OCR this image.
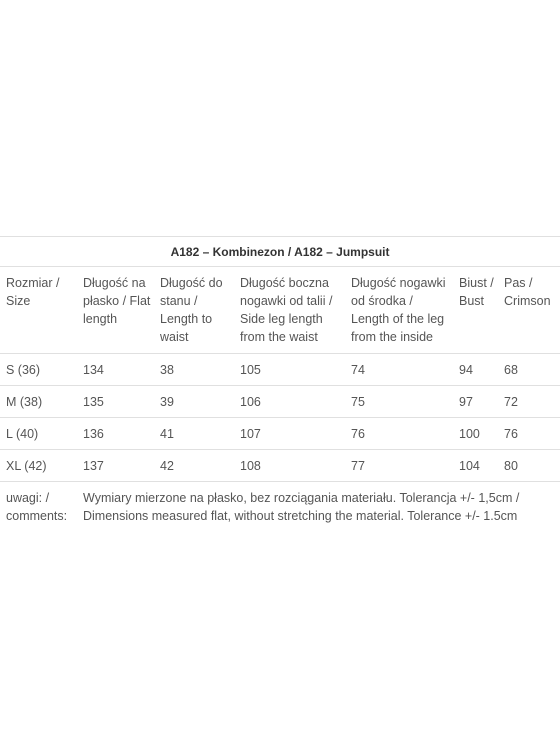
A182 – Kombinezon / A182 – Jumpsuit						
Rozmiar / Size	Długość na płasko / Flat length	Długość do stanu / Length to waist	Długość boczna nogawki od talii / Side leg length from the waist	Długość nogawki od środka / Length of the leg from the inside	Biust / Bust	Pas / Crimson
S (36)	134	38	105	74	94	68
M (38)	135	39	106	75	97	72
L (40)	136	41	107	76	100	76
XL (42)	137	42	108	77	104	80
uwagi: / comments:	Wymiary mierzone na płasko, bez rozciągania materiału. Tolerancja +/- 1,5cm / Dimensions measured flat, without stretching the material. Tolerance +/- 1.5cm					
